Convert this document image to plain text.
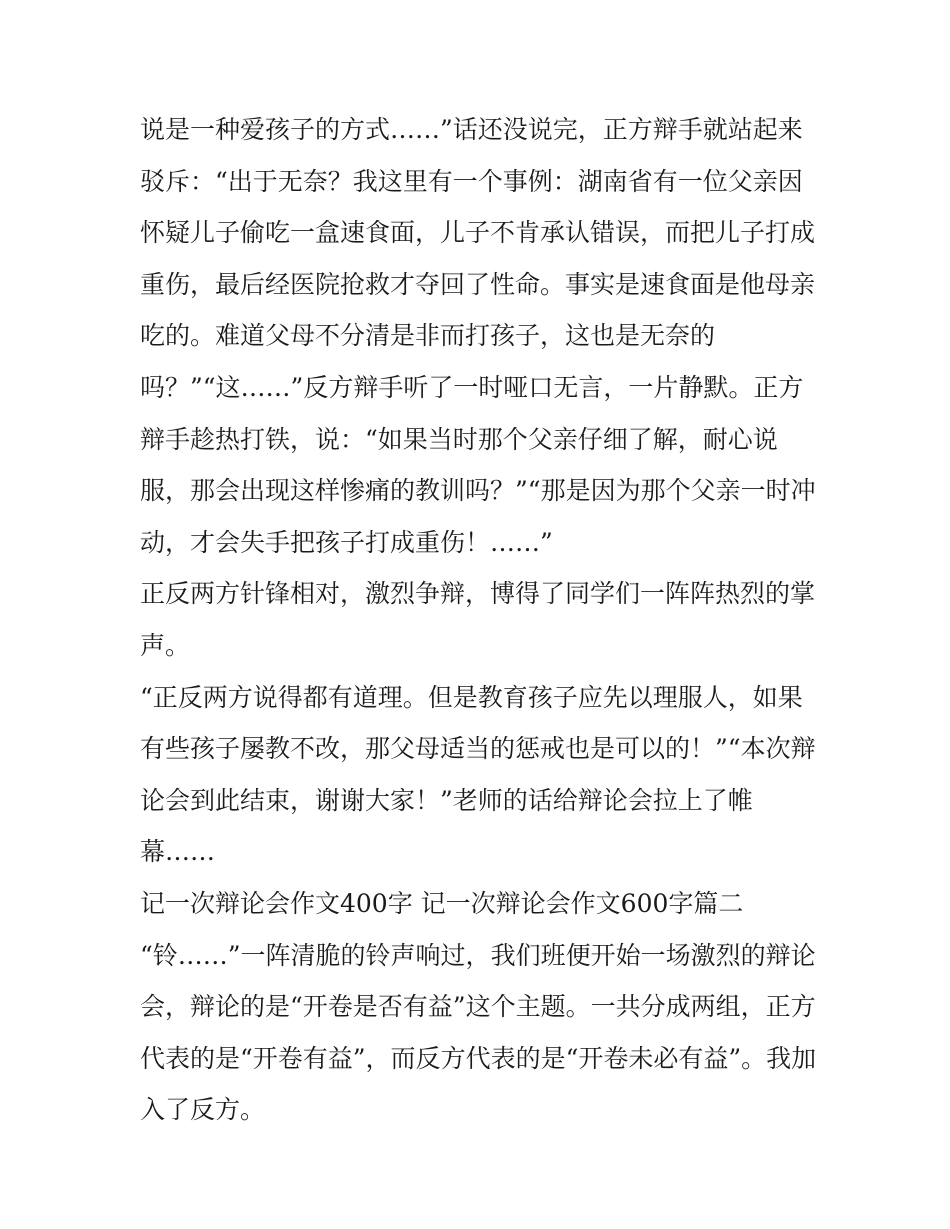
说是一种爱孩子的方式……”话还没说完，正方辩手就站起来
驳斥：“出于无奈？我这里有一个事例：湖南省有一位父亲因
怀疑儿子偷吃一盒速食面，儿子不肯承认错误，而把儿子打成
重伤，最后经医院抢救才夺回了性命。事实是速食面是他母亲
吃的。难道父母不分清是非而打孩子，这也是无奈的
吗？”“这……”反方辩手听了一时哑口无言，一片静默。正方
辩手趁热打铁，说：“如果当时那个父亲仔细了解，耐心说
服，那会出现这样惨痛的教训吗？”“那是因为那个父亲一时冲
动，才会失手把孩子打成重伤！……”
正反两方针锋相对，激烈争辩，博得了同学们一阵阵热烈的掌
声。
“正反两方说得都有道理。但是教育孩子应先以理服人，如果
有些孩子屡教不改，那父母适当的惩戒也是可以的！”“本次辩
论会到此结束，谢谢大家！”老师的话给辩论会拉上了帷
幕……
记一次辩论会作文400字 记一次辩论会作文600字篇二
“铃……”一阵清脆的铃声响过，我们班便开始一场激烈的辩论
会，辩论的是“开卷是否有益”这个主题。一共分成两组，正方
代表的是“开卷有益”，而反方代表的是“开卷未必有益”。我加
入了反方。
